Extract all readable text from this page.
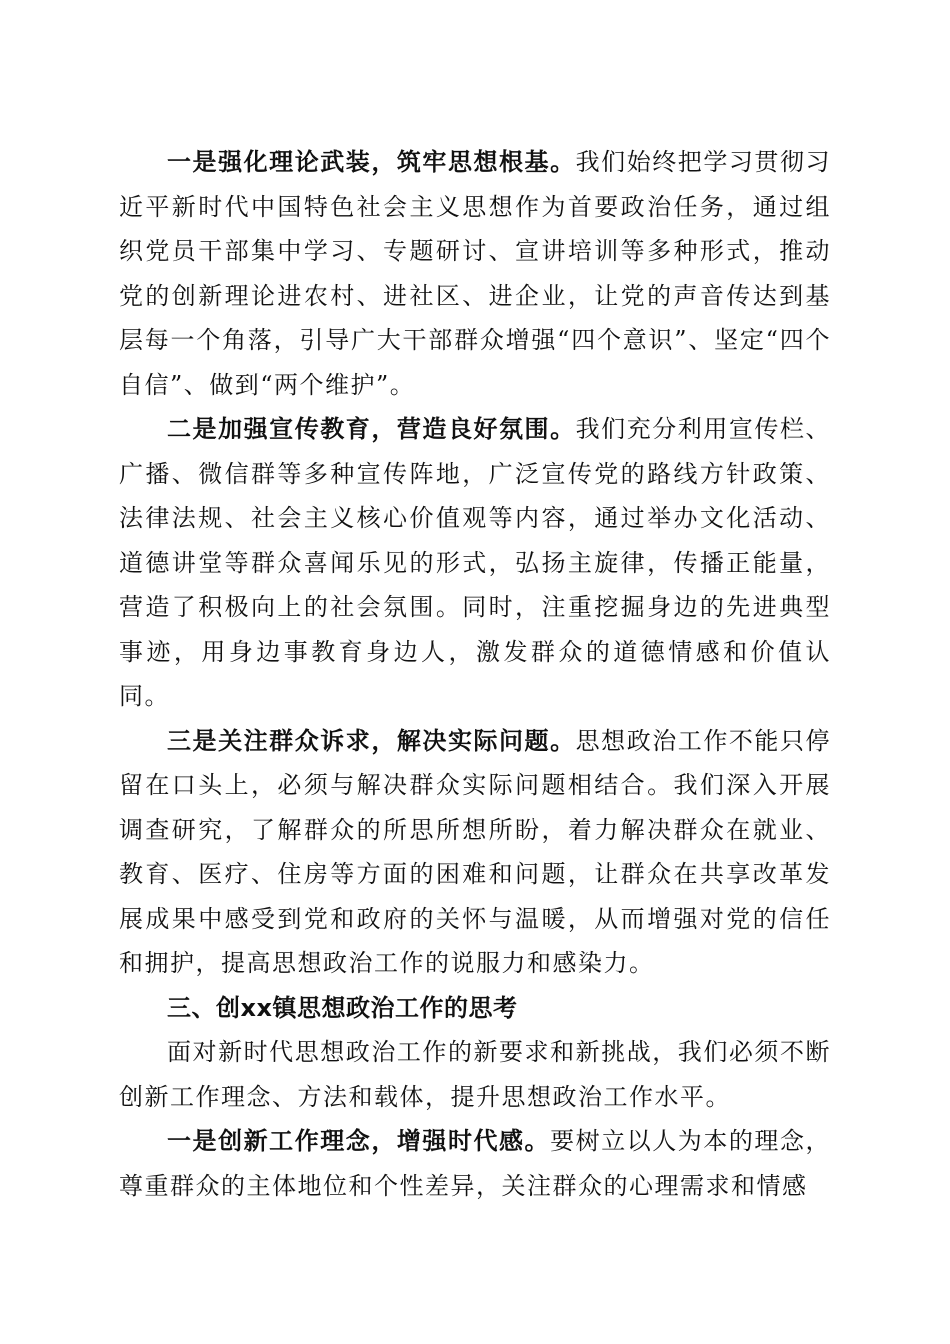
一是强化理论武装，筑牢思想根基。我们始终把学习贯彻习近平新时代中国特色社会主义思想作为首要政治任务，通过组织党员干部集中学习、专题研讨、宣讲培训等多种形式，推动党的创新理论进农村、进社区、进企业，让党的声音传达到基层每一个角落，引导广大干部群众增强“四个意识”、坚定“四个自信”、做到“两个维护”。

二是加强宣传教育，营造良好氛围。我们充分利用宣传栏、广播、微信群等多种宣传阵地，广泛宣传党的路线方针政策、法律法规、社会主义核心价值观等内容，通过举办文化活动、道德讲堂等群众喜闻乐见的形式，弘扬主旋律，传播正能量，营造了积极向上的社会氛围。同时，注重挖掘身边的先进典型事迹，用身边事教育身边人，激发群众的道德情感和价值认同。

三是关注群众诉求，解决实际问题。思想政治工作不能只停留在口头上，必须与解决群众实际问题相结合。我们深入开展调查研究，了解群众的所思所想所盼，着力解决群众在就业、教育、医疗、住房等方面的困难和问题，让群众在共享改革发展成果中感受到党和政府的关怀与温暖，从而增强对党的信任和拥护，提高思想政治工作的说服力和感染力。

三、创xx镇思想政治工作的思考

面对新时代思想政治工作的新要求和新挑战，我们必须不断创新工作理念、方法和载体，提升思想政治工作水平。

一是创新工作理念，增强时代感。要树立以人为本的理念，尊重群众的主体地位和个性差异，关注群众的心理需求和情感
